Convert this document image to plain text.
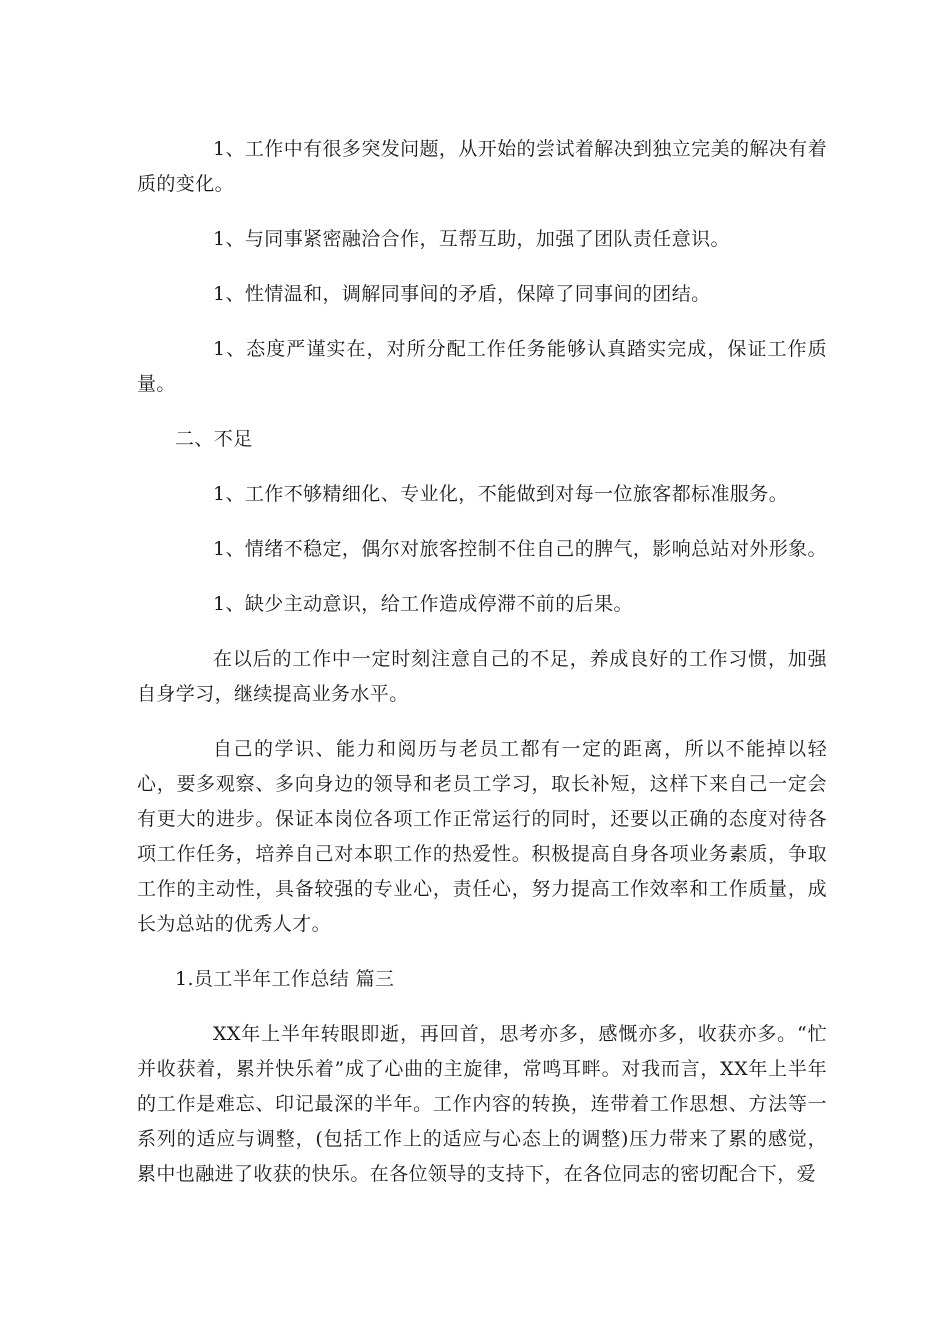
1、工作中有很多突发问题，从开始的尝试着解决到独立完美的解决有着质的变化。

1、与同事紧密融洽合作，互帮互助，加强了团队责任意识。

1、性情温和，调解同事间的矛盾，保障了同事间的团结。

1、态度严谨实在，对所分配工作任务能够认真踏实完成，保证工作质量。

二、不足

1、工作不够精细化、专业化，不能做到对每一位旅客都标准服务。

1、情绪不稳定，偶尔对旅客控制不住自己的脾气，影响总站对外形象。

1、缺少主动意识，给工作造成停滞不前的后果。

在以后的工作中一定时刻注意自己的不足，养成良好的工作习惯，加强自身学习，继续提高业务水平。

自己的学识、能力和阅历与老员工都有一定的距离，所以不能掉以轻心，要多观察、多向身边的领导和老员工学习，取长补短，这样下来自己一定会有更大的进步。保证本岗位各项工作正常运行的同时，还要以正确的态度对待各项工作任务，培养自己对本职工作的热爱性。积极提高自身各项业务素质，争取工作的主动性，具备较强的专业心，责任心，努力提高工作效率和工作质量，成长为总站的优秀人才。

1.员工半年工作总结 篇三

XX年上半年转眼即逝，再回首，思考亦多，感慨亦多，收获亦多。“忙并收获着，累并快乐着”成了心曲的主旋律，常鸣耳畔。对我而言，XX年上半年的工作是难忘、印记最深的半年。工作内容的转换，连带着工作思想、方法等一系列的适应与调整，(包括工作上的适应与心态上的调整)压力带来了累的感觉，累中也融进了收获的快乐。在各位领导的支持下，在各位同志的密切配合下，爱
